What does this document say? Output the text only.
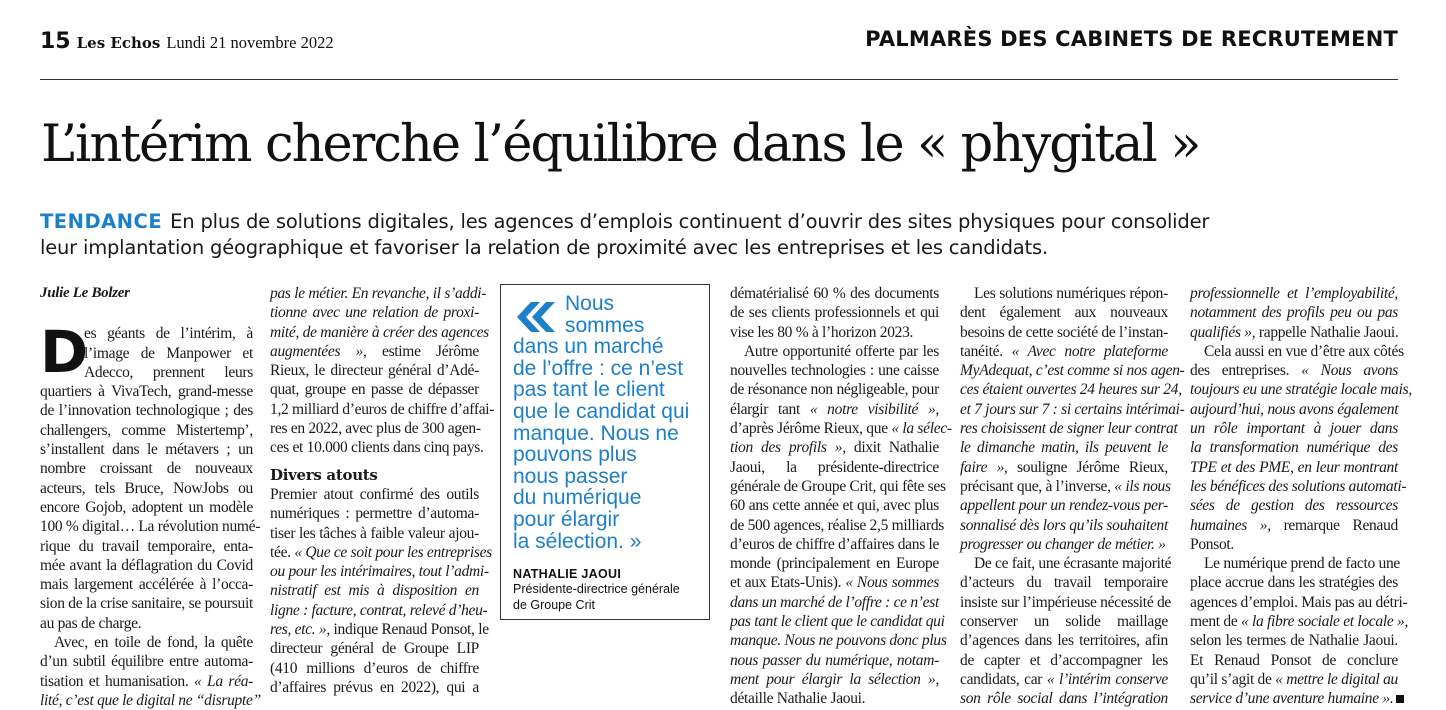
15 Les Echos Lundi 21 novembre 2022	PALMARÈS DES CABINETS DE RECRUTEMENT
L’intérim cherche l’équilibre dans le « phygital »
TENDANCE En plus de solutions digitales, les agences d’emplois continuent d’ouvrir des sites physiques pour consolider
leur implantation géographique et favoriser la relation de proximité avec les entreprises et les candidats.
Julie Le Bolzer
D
es géants de l’intérim, à
l’image de Manpower et
Adecco, prennent leurs
quartiers à VivaTech, grand-messe
de l’innovation technologique ; des
challengers, comme Mistertemp’,
s’installent dans le métavers ; un
nombre croissant de nouveaux
acteurs, tels Bruce, NowJobs ou
encore Gojob, adoptent un modèle
100 % digital… La révolution numé-
rique du travail temporaire, enta-
mée avant la déflagration du Covid
mais largement accélérée à l’occa-
sion de la crise sanitaire, se poursuit
au pas de charge.

Avec, en toile de fond, la quête
d’un subtil équilibre entre automa-
tisation et humanisation. « La réa-
lité, c’est que le digital ne “disrupte”

pas le métier. En revanche, il s’addi-
tionne avec une relation de proxi-
mité, de manière à créer des agences
augmentées », estime Jérôme
Rieux, le directeur général d’Adé-
quat, groupe en passe de dépasser
1,2 milliard d’euros de chiffre d’affai-
res en 2022, avec plus de 300 agen-
ces et 10.000 clients dans cinq pays.

Divers atouts

Premier atout confirmé des outils
numériques : permettre d’automa-
tiser les tâches à faible valeur ajou-
tée. « Que ce soit pour les entreprises
ou pour les intérimaires, tout l’admi-
nistratif est mis à disposition en
ligne : facture, contrat, relevé d’heu-
res, etc. », indique Renaud Ponsot, le
directeur général de Groupe LIP
(410 millions d’euros de chiffre
d’affaires prévus en 2022), qui a

Nous
sommes
dans un marché
de l’offre : ce n’est
pas tant le client
que le candidat qui
manque. Nous ne
pouvons plus
nous passer
du numérique
pour élargir
la sélection. »

NATHALIE JAOUI
Présidente-directrice générale
de Groupe Crit

dématérialisé 60 % des documents
de ses clients professionnels et qui
vise les 80 % à l’horizon 2023.

Autre opportunité offerte par les
nouvelles technologies : une caisse
de résonance non négligeable, pour
élargir tant « notre visibilité »,
d’après Jérôme Rieux, que « la sélec-
tion des profils », dixit Nathalie
Jaoui, la présidente-directrice
générale de Groupe Crit, qui fête ses
60 ans cette année et qui, avec plus
de 500 agences, réalise 2,5 milliards
d’euros de chiffre d’affaires dans le
monde (principalement en Europe
et aux Etats-Unis). « Nous sommes
dans un marché de l’offre : ce n’est
pas tant le client que le candidat qui
manque. Nous ne pouvons donc plus
nous passer du numérique, notam-
ment pour élargir la sélection »,
détaille Nathalie Jaoui.

Les solutions numériques répon-
dent également aux nouveaux
besoins de cette société de l’instan-
tanéité. « Avec notre plateforme
MyAdequat, c’est comme si nos agen-
ces étaient ouvertes 24 heures sur 24,
et 7 jours sur 7 : si certains intérimai-
res choisissent de signer leur contrat
le dimanche matin, ils peuvent le
faire », souligne Jérôme Rieux,
précisant que, à l’inverse, « ils nous
appellent pour un rendez-vous per-
sonnalisé dès lors qu’ils souhaitent
progresser ou changer de métier. »

De ce fait, une écrasante majorité
d’acteurs du travail temporaire
insiste sur l’impérieuse nécessité de
conserver un solide maillage
d’agences dans les territoires, afin
de capter et d’accompagner les
candidats, car « l’intérim conserve
son rôle social dans l’intégration

professionnelle et l’employabilité,
notamment des profils peu ou pas
qualifiés », rappelle Nathalie Jaoui.

Cela aussi en vue d’être aux côtés
des entreprises. « Nous avons
toujours eu une stratégie locale mais,
aujourd’hui, nous avons également
un rôle important à jouer dans
la transformation numérique des
TPE et des PME, en leur montrant
les bénéfices des solutions automati-
sées de gestion des ressources
humaines », remarque Renaud
Ponsot.

Le numérique prend de facto une
place accrue dans les stratégies des
agences d’emploi. Mais pas au détri-
ment de « la fibre sociale et locale »,
selon les termes de Nathalie Jaoui.
Et Renaud Ponsot de conclure
qu’il s’agit de « mettre le digital au
service d’une aventure humaine ».
